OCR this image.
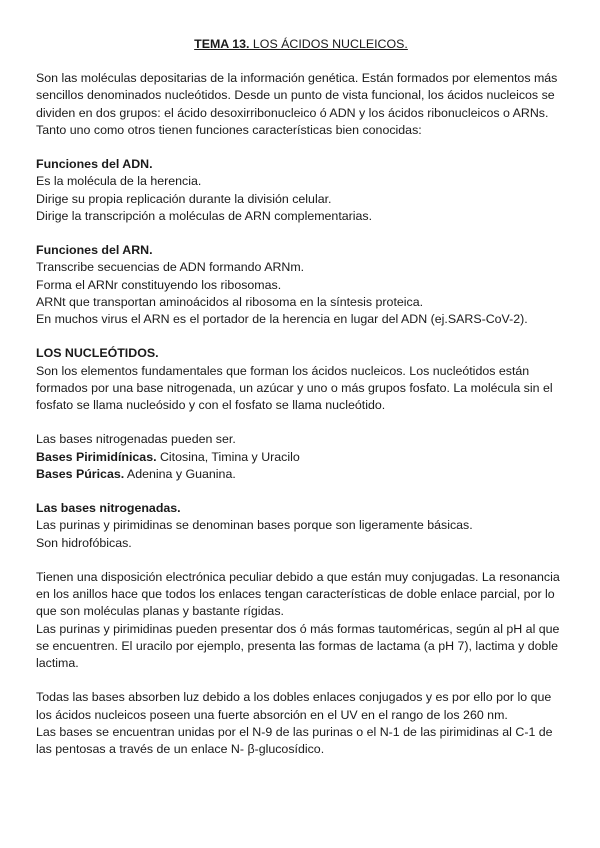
TEMA 13. LOS ÁCIDOS NUCLEICOS.

Son las moléculas depositarias de la información genética. Están formados por elementos más sencillos denominados nucleótidos. Desde un punto de vista funcional, los ácidos nucleicos se dividen en dos grupos: el ácido desoxirribonucleico ó ADN y los ácidos ribonucleicos o ARNs. Tanto uno como otros tienen funciones características bien conocidas:

Funciones del ADN.

Es la molécula de la herencia.

Dirige su propia replicación durante la división celular.

Dirige la transcripción a moléculas de ARN complementarias.

Funciones del ARN.

Transcribe secuencias de ADN formando ARNm.

Forma el ARNr constituyendo los ribosomas.

ARNt que transportan aminoácidos al ribosoma en la síntesis proteica.

En muchos virus el ARN es el portador de la herencia en lugar del ADN (ej.SARS-CoV-2).

LOS NUCLEÓTIDOS.

Son los elementos fundamentales que forman los ácidos nucleicos. Los nucleótidos están formados por una base nitrogenada, un azúcar y uno o más grupos fosfato. La molécula sin el fosfato se llama nucleósido y con el fosfato se llama nucleótido.

Las bases nitrogenadas pueden ser.

Bases Pirimidínicas. Citosina, Timina y Uracilo

Bases Púricas. Adenina y Guanina.

Las bases nitrogenadas.

Las purinas y pirimidinas se denominan bases porque son ligeramente básicas.

Son hidrofóbicas.

Tienen una disposición electrónica peculiar debido a que están muy conjugadas. La resonancia en los anillos hace que todos los enlaces tengan características de doble enlace parcial, por lo que son moléculas planas y bastante rígidas.

Las purinas y pirimidinas pueden presentar dos ó más formas tautoméricas, según al pH al que se encuentren. El uracilo por ejemplo, presenta las formas de lactama (a pH 7), lactima y doble lactima.

Todas las bases absorben luz debido a los dobles enlaces conjugados y es por ello por lo que los ácidos nucleicos poseen una fuerte absorción en el UV en el rango de los 260 nm.

Las bases se encuentran unidas por el N-9 de las purinas o el N-1 de las pirimidinas al C-1 de las pentosas a través de un enlace N- β-glucosídico.
